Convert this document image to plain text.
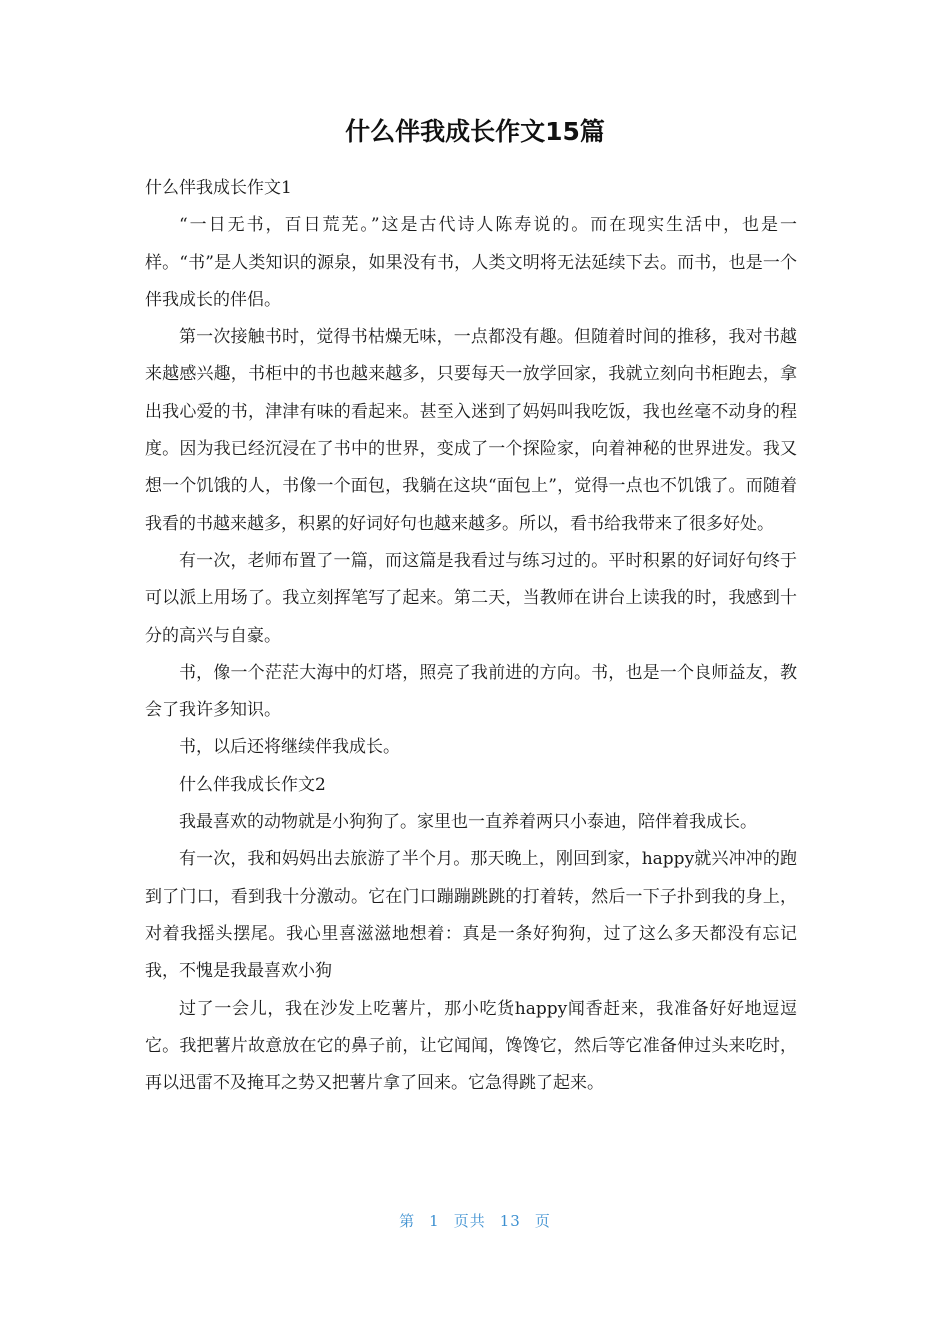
什么伴我成长作文15篇

什么伴我成长作文1

“一日无书，百日荒芜。”这是古代诗人陈寿说的。而在现实生活中，也是一样。“书”是人类知识的源泉，如果没有书，人类文明将无法延续下去。而书，也是一个伴我成长的伴侣。

第一次接触书时，觉得书枯燥无味，一点都没有趣。但随着时间的推移，我对书越来越感兴趣，书柜中的书也越来越多，只要每天一放学回家，我就立刻向书柜跑去，拿出我心爱的书，津津有味的看起来。甚至入迷到了妈妈叫我吃饭，我也丝毫不动身的程度。因为我已经沉浸在了书中的世界，变成了一个探险家，向着神秘的世界进发。我又想一个饥饿的人，书像一个面包，我躺在这块“面包上”，觉得一点也不饥饿了。而随着我看的书越来越多，积累的好词好句也越来越多。所以，看书给我带来了很多好处。

有一次，老师布置了一篇，而这篇是我看过与练习过的。平时积累的好词好句终于可以派上用场了。我立刻挥笔写了起来。第二天，当教师在讲台上读我的时，我感到十分的高兴与自豪。

书，像一个茫茫大海中的灯塔，照亮了我前进的方向。书，也是一个良师益友，教会了我许多知识。

书，以后还将继续伴我成长。

什么伴我成长作文2

我最喜欢的动物就是小狗狗了。家里也一直养着两只小泰迪，陪伴着我成长。

有一次，我和妈妈出去旅游了半个月。那天晚上，刚回到家，happy就兴冲冲的跑到了门口，看到我十分激动。它在门口蹦蹦跳跳的打着转，然后一下子扑到我的身上，对着我摇头摆尾。我心里喜滋滋地想着：真是一条好狗狗，过了这么多天都没有忘记我，不愧是我最喜欢小狗

过了一会儿，我在沙发上吃薯片，那小吃货happy闻香赶来，我准备好好地逗逗它。我把薯片故意放在它的鼻子前，让它闻闻，馋馋它，然后等它准备伸过头来吃时，再以迅雷不及掩耳之势又把薯片拿了回来。它急得跳了起来。

第 1 页共 13 页
